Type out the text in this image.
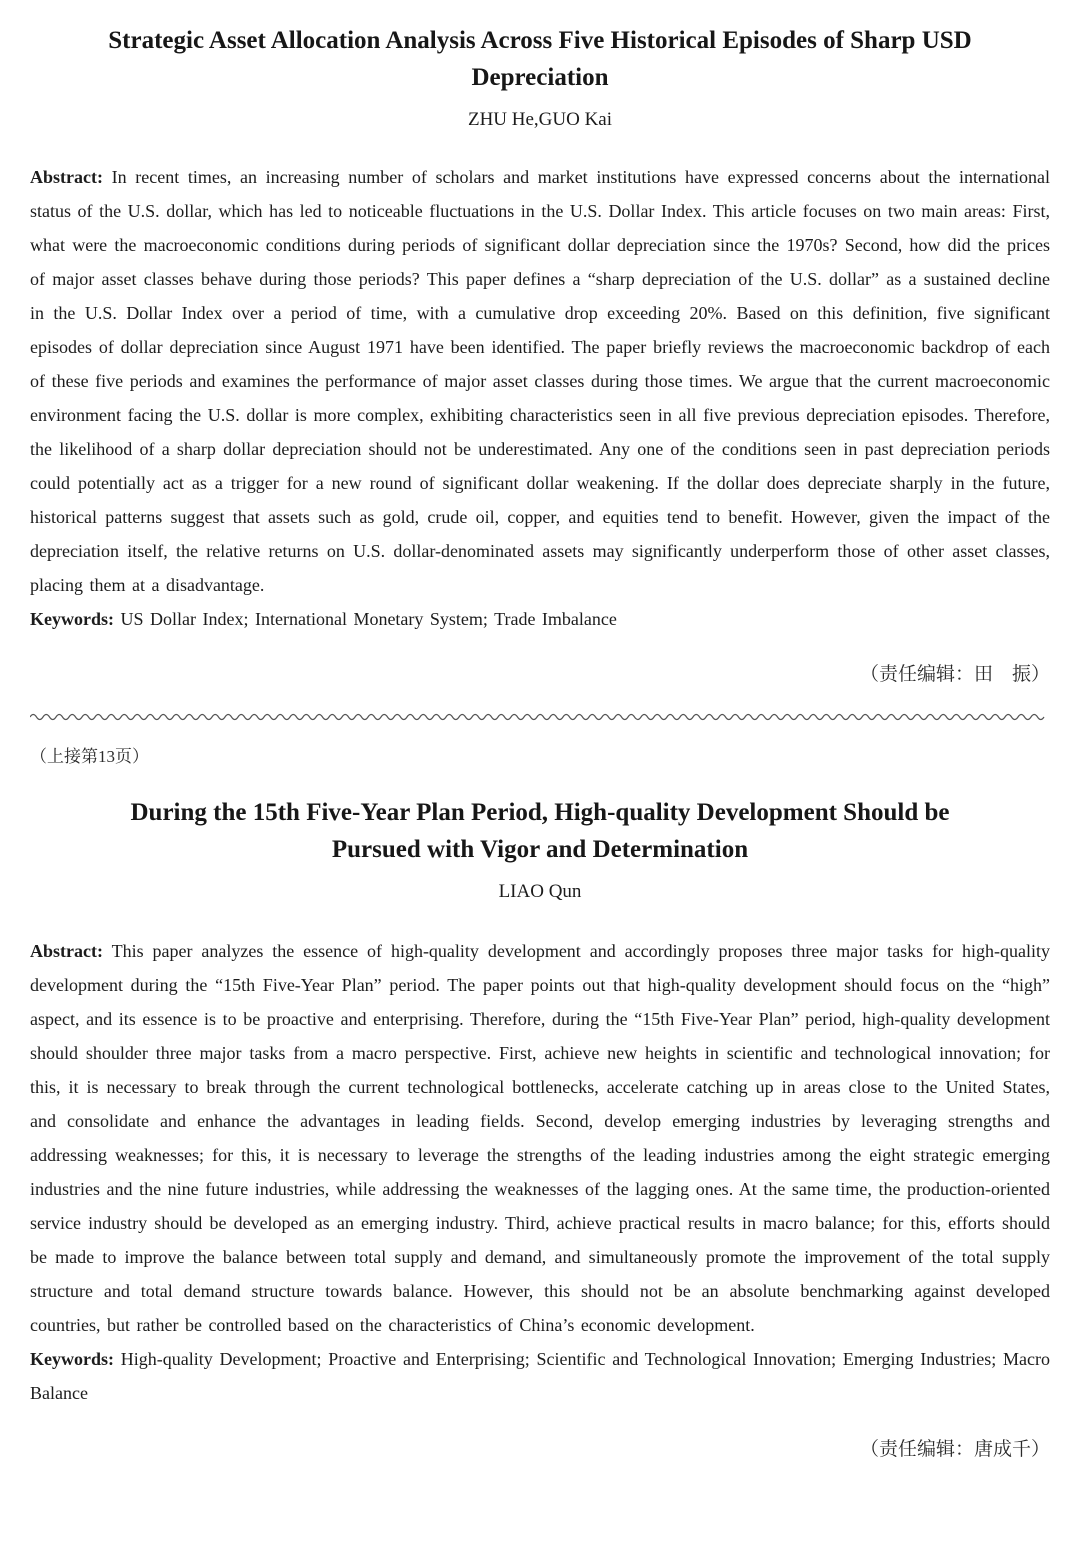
Strategic Asset Allocation Analysis Across Five Historical Episodes of Sharp USD
Depreciation
ZHU He,GUO Kai

Abstract: In recent times, an increasing number of scholars and market institutions have expressed concerns about the international status of the U.S. dollar, which has led to noticeable fluctuations in the U.S. Dollar Index. This article focuses on two main areas: First, what were the macroeconomic conditions during periods of significant dollar depreciation since the 1970s? Second, how did the prices of major asset classes behave during those periods? This paper defines a “sharp depreciation of the U.S. dollar” as a sustained decline in the U.S. Dollar Index over a period of time, with a cumulative drop exceeding 20%. Based on this definition, five significant episodes of dollar depreciation since August 1971 have been identified. The paper briefly reviews the macroeconomic backdrop of each of these five periods and examines the performance of major asset classes during those times. We argue that the current macroeconomic environment facing the U.S. dollar is more complex, exhibiting characteristics seen in all five previous depreciation episodes. Therefore, the likelihood of a sharp dollar depreciation should not be underestimated. Any one of the conditions seen in past depreciation periods could potentially act as a trigger for a new round of significant dollar weakening. If the dollar does depreciate sharply in the future, historical patterns suggest that assets such as gold, crude oil, copper, and equities tend to benefit. However, given the impact of the depreciation itself, the relative returns on U.S. dollar-denominated assets may significantly underperform those of other asset classes, placing them at a disadvantage.

Keywords: US Dollar Index; International Monetary System; Trade Imbalance

（责任编辑：田　振）
（上接第13页）
During the 15th Five-Year Plan Period, High-quality Development Should be
Pursued with Vigor and Determination
LIAO Qun

Abstract: This paper analyzes the essence of high-quality development and accordingly proposes three major tasks for high-quality development during the “15th Five-Year Plan” period. The paper points out that high-quality development should focus on the “high” aspect, and its essence is to be proactive and enterprising. Therefore, during the “15th Five-Year Plan” period, high-quality development should shoulder three major tasks from a macro perspective. First, achieve new heights in scientific and technological innovation; for this, it is necessary to break through the current technological bottlenecks, accelerate catching up in areas close to the United States, and consolidate and enhance the advantages in leading fields. Second, develop emerging industries by leveraging strengths and addressing weaknesses; for this, it is necessary to leverage the strengths of the leading industries among the eight strategic emerging industries and the nine future industries, while addressing the weaknesses of the lagging ones. At the same time, the production-oriented service industry should be developed as an emerging industry. Third, achieve practical results in macro balance; for this, efforts should be made to improve the balance between total supply and demand, and simultaneously promote the improvement of the total supply structure and total demand structure towards balance. However, this should not be an absolute benchmarking against developed countries, but rather be controlled based on the characteristics of China’s economic development.

Keywords: High-quality Development; Proactive and Enterprising; Scientific and Technological Innovation; Emerging Industries; Macro Balance

（责任编辑：唐成千）
